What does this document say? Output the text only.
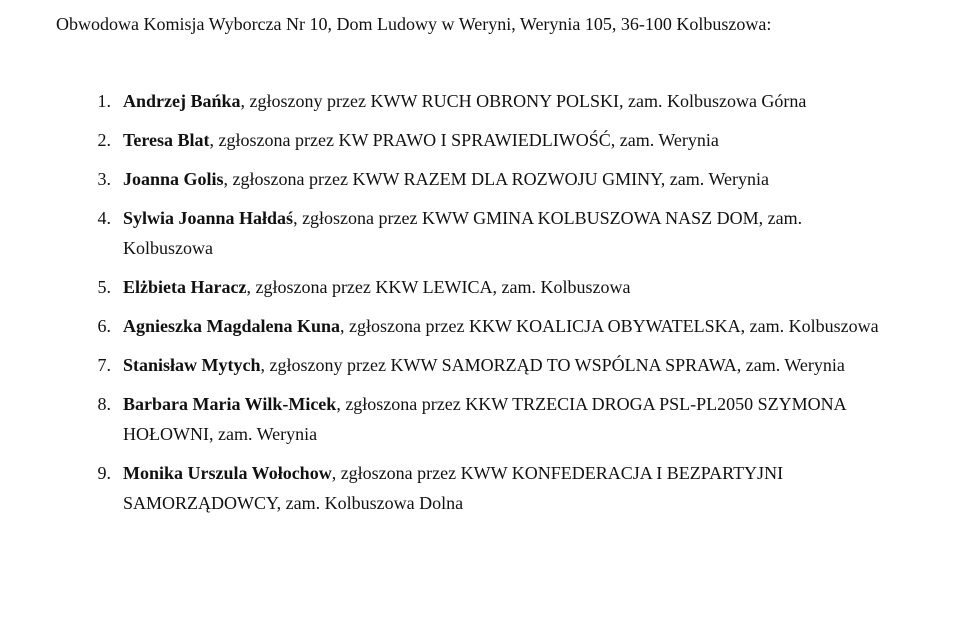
Obwodowa Komisja Wyborcza Nr 10, Dom Ludowy w Weryni, Werynia 105, 36-100 Kolbuszowa:

1. Andrzej Bańka, zgłoszony przez KWW RUCH OBRONY POLSKI, zam. Kolbuszowa Górna
2. Teresa Blat, zgłoszona przez KW PRAWO I SPRAWIEDLIWOŚĆ, zam. Werynia
3. Joanna Golis, zgłoszona przez KWW RAZEM DLA ROZWOJU GMINY, zam. Werynia
4. Sylwia Joanna Hałdaś, zgłoszona przez KWW GMINA KOLBUSZOWA NASZ DOM, zam. Kolbuszowa
5. Elżbieta Haracz, zgłoszona przez KKW LEWICA, zam. Kolbuszowa
6. Agnieszka Magdalena Kuna, zgłoszona przez KKW KOALICJA OBYWATELSKA, zam. Kolbuszowa
7. Stanisław Mytych, zgłoszony przez KWW SAMORZĄD TO WSPÓLNA SPRAWA, zam. Werynia
8. Barbara Maria Wilk-Micek, zgłoszona przez KKW TRZECIA DROGA PSL-PL2050 SZYMONA HOŁOWNI, zam. Werynia
9. Monika Urszula Wołochow, zgłoszona przez KWW KONFEDERACJA I BEZPARTYJNI SAMORZĄDOWCY, zam. Kolbuszowa Dolna
